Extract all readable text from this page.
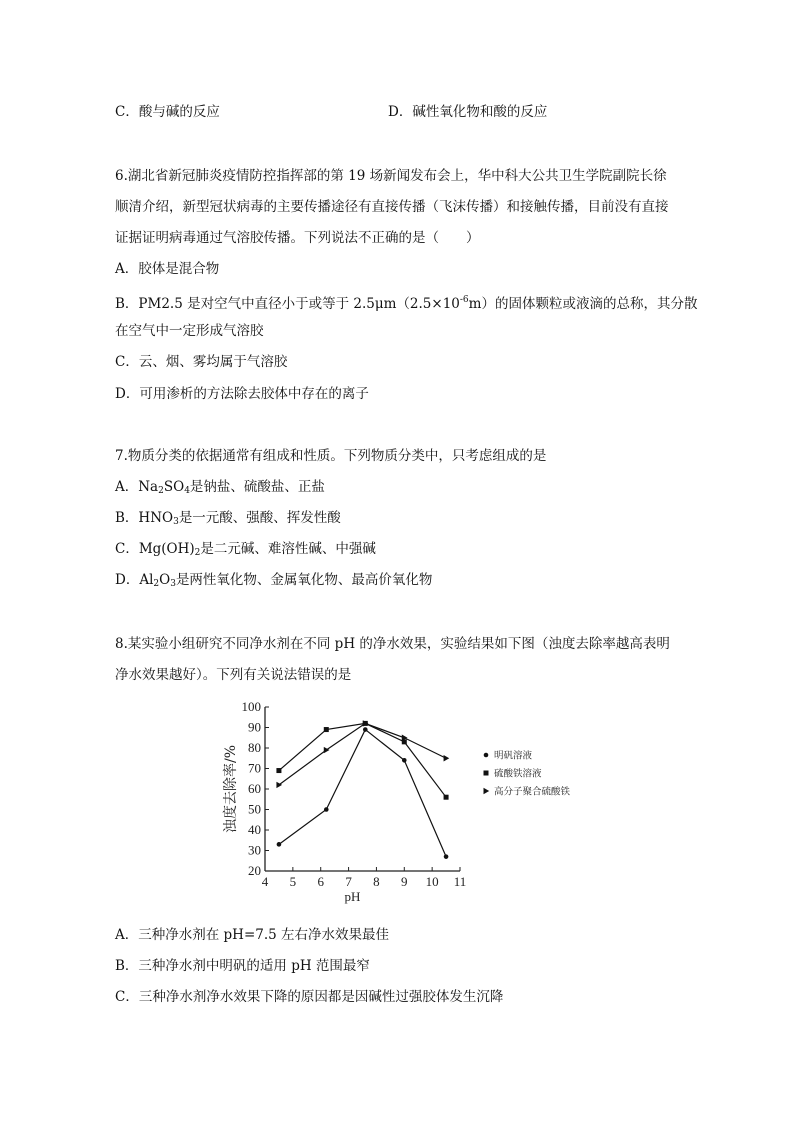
C．酸与碱的反应	D．碱性氧化物和酸的反应
6.湖北省新冠肺炎疫情防控指挥部的第 19 场新闻发布会上，华中科大公共卫生学院副院长徐
顺清介绍，新型冠状病毒的主要传播途径有直接传播（飞沫传播）和接触传播，目前没有直接
证据证明病毒通过气溶胶传播。下列说法不正确的是（　　）
A．胶体是混合物
B．PM2.5 是对空气中直径小于或等于 $2.5\mu m(2.5\times 10^{-6}m)$的固体颗粒或液滴的总称，其分散
在空气中一定形成气溶胶
C．云、烟、雾均属于气溶胶
D．可用渗析的方法除去胶体中存在的离子
7.物质分类的依据通常有组成和性质。下列物质分类中，只考虑组成的是
A．$Na_2SO_4$是钠盐、硫酸盐、正盐
B．$HNO_3$是一元酸、强酸、挥发性酸
C．$Mg(OH)_2$是二元碱、难溶性碱、中强碱
D．$Al_2O_3$是两性氧化物、金属氧化物、最高价氧化物
8.某实验小组研究不同净水剂在不同 pH 的净水效果，实验结果如下图（浊度去除率越高表明
净水效果越好）。下列有关说法错误的是
20
30
40
50
60
70
80
90
100
4 5 6 7 8 9 10 11
pH
浊度去除率/%	明矾溶液
硫酸铁溶液
高分子聚合硫酸铁
A．三种净水剂在 pH=7.5 左右净水效果最佳
B．三种净水剂中明矾的适用 pH 范围最窄
C．三种净水剂净水效果下降的原因都是因碱性过强胶体发生沉降
